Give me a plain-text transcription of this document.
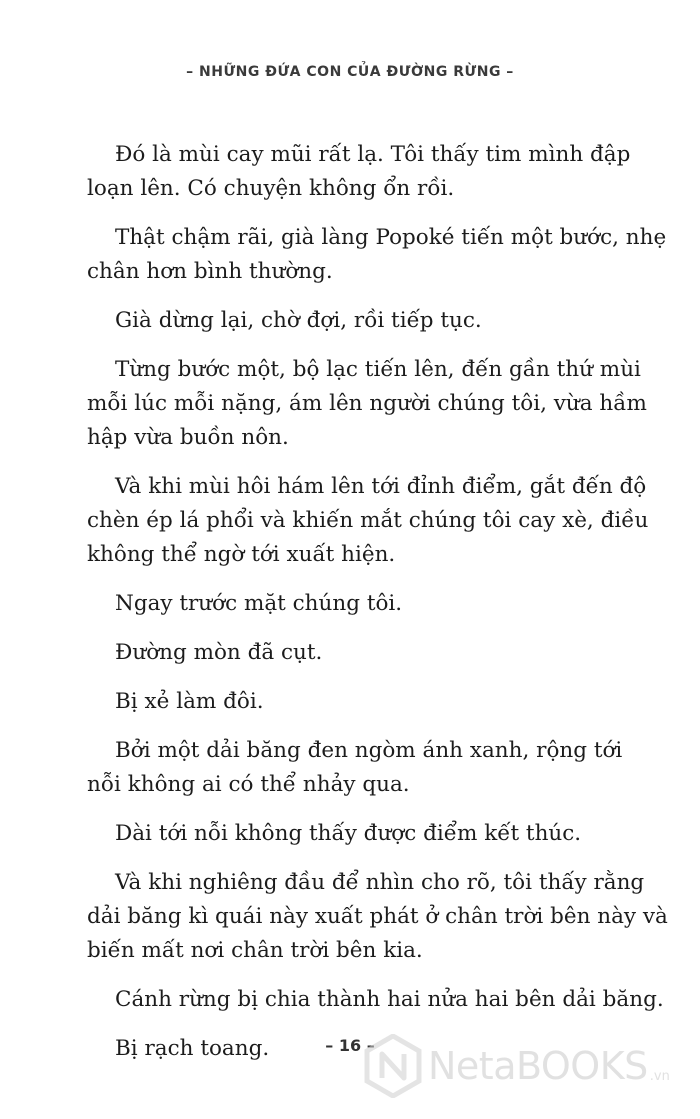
– NHỮNG ĐỨA CON CỦA ĐƯỜNG RỪNG –

Đó là mùi cay mũi rất lạ. Tôi thấy tim mình đập
loạn lên. Có chuyện không ổn rồi.

Thật chậm rãi, già làng Popoké tiến một bước, nhẹ
chân hơn bình thường.

Già dừng lại, chờ đợi, rồi tiếp tục.

Từng bước một, bộ lạc tiến lên, đến gần thứ mùi
mỗi lúc mỗi nặng, ám lên người chúng tôi, vừa hầm
hập vừa buồn nôn.

Và khi mùi hôi hám lên tới đỉnh điểm, gắt đến độ
chèn ép lá phổi và khiến mắt chúng tôi cay xè, điều
không thể ngờ tới xuất hiện.

Ngay trước mặt chúng tôi.

Đường mòn đã cụt.

Bị xẻ làm đôi.

Bởi một dải băng đen ngòm ánh xanh, rộng tới
nỗi không ai có thể nhảy qua.

Dài tới nỗi không thấy được điểm kết thúc.

Và khi nghiêng đầu để nhìn cho rõ, tôi thấy rằng
dải băng kì quái này xuất phát ở chân trời bên này và
biến mất nơi chân trời bên kia.

Cánh rừng bị chia thành hai nửa hai bên dải băng.

Bị rạch toang.	– 16 –	NetaBOOKS .vn
